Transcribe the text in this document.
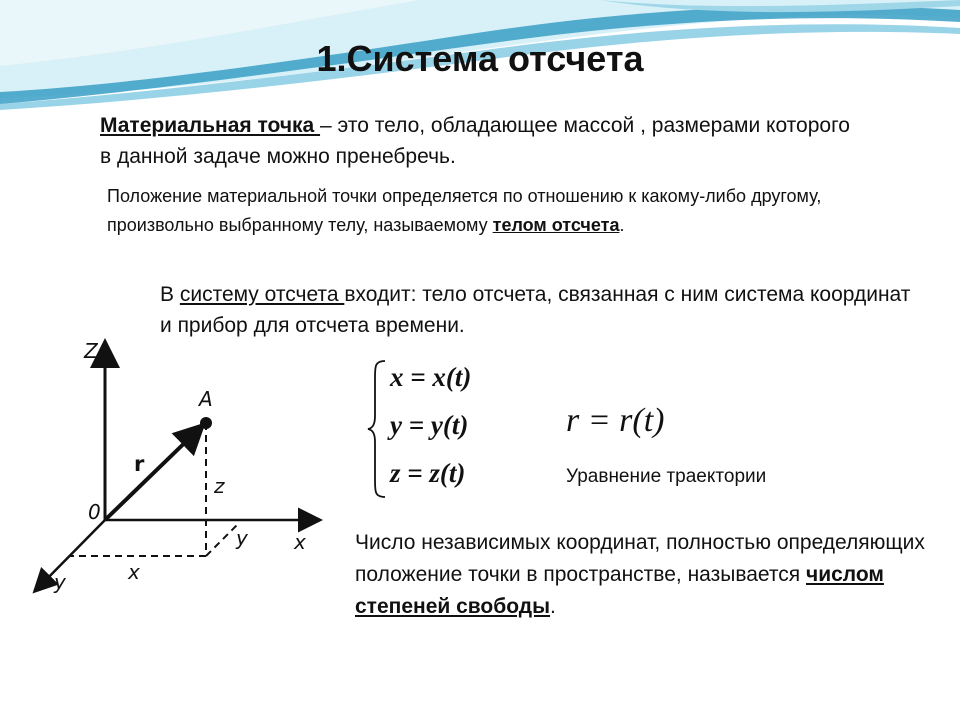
1.Система отсчета
Материальная точка – это тело, обладающее массой , размерами которого в данной задаче можно пренебречь.
Положение материальной точки определяется по отношению к какому-либо другому, произвольно выбранному телу, называемому телом отсчета.
В систему отсчета входит: тело отсчета, связанная с ним система координат и прибор для отсчета времени.
Z
A
r
z
0
y x
x
y
x = x(t)
y = y(t)
z = z(t)
r = r(t)
Уравнение траектории
Число независимых координат, полностью определяющих положение точки в пространстве, называется числом степеней свободы.
